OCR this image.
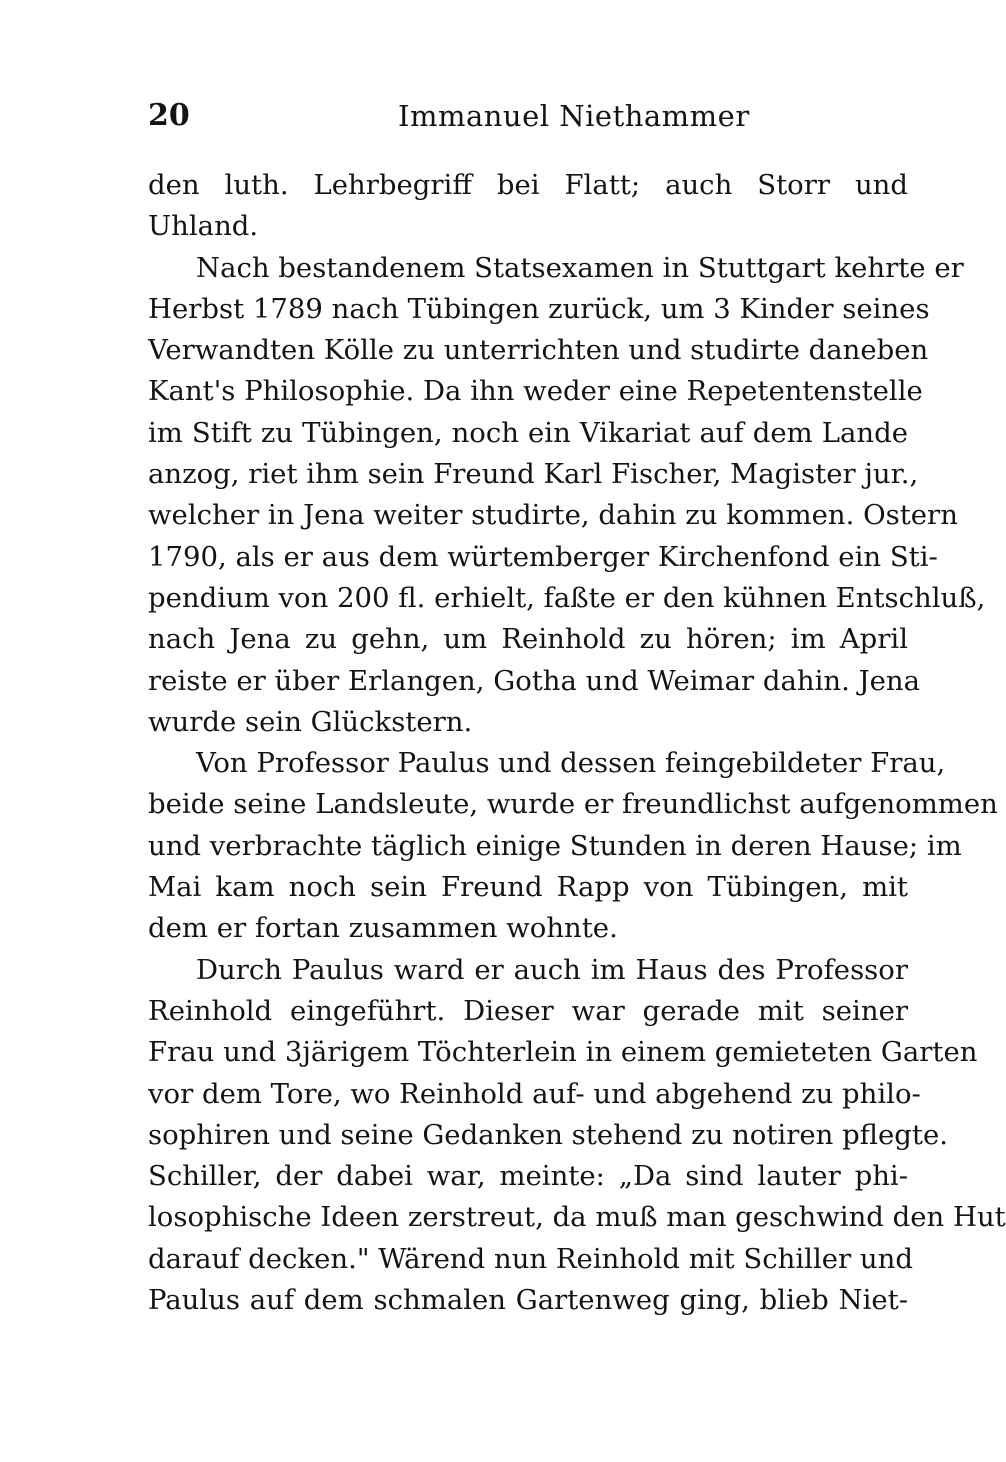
20	Immanuel Niethammer
den luth. Lehrbegriff bei Flatt; auch Storr und
Uhland.
Nach bestandenem Statsexamen in Stuttgart kehrte er
Herbst 1789 nach Tübingen zurück, um 3 Kinder seines
Verwandten Kölle zu unterrichten und studirte daneben
Kant's Philosophie. Da ihn weder eine Repetentenstelle
im Stift zu Tübingen, noch ein Vikariat auf dem Lande
anzog, riet ihm sein Freund Karl Fischer, Magister jur.,
welcher in Jena weiter studirte, dahin zu kommen. Ostern
1790, als er aus dem würtemberger Kirchenfond ein Sti-
pendium von 200 fl. erhielt, faßte er den kühnen Entschluß,
nach Jena zu gehn, um Reinhold zu hören; im April
reiste er über Erlangen, Gotha und Weimar dahin. Jena
wurde sein Glückstern.
Von Professor Paulus und dessen feingebildeter Frau,
beide seine Landsleute, wurde er freundlichst aufgenommen
und verbrachte täglich einige Stunden in deren Hause; im
Mai kam noch sein Freund Rapp von Tübingen, mit
dem er fortan zusammen wohnte.
Durch Paulus ward er auch im Haus des Professor
Reinhold eingeführt. Dieser war gerade mit seiner
Frau und 3järigem Töchterlein in einem gemieteten Garten
vor dem Tore, wo Reinhold auf- und abgehend zu philo-
sophiren und seine Gedanken stehend zu notiren pflegte.
Schiller, der dabei war, meinte: „Da sind lauter phi-
losophische Ideen zerstreut, da muß man geschwind den Hut
darauf decken." Wärend nun Reinhold mit Schiller und
Paulus auf dem schmalen Gartenweg ging, blieb Niet-
